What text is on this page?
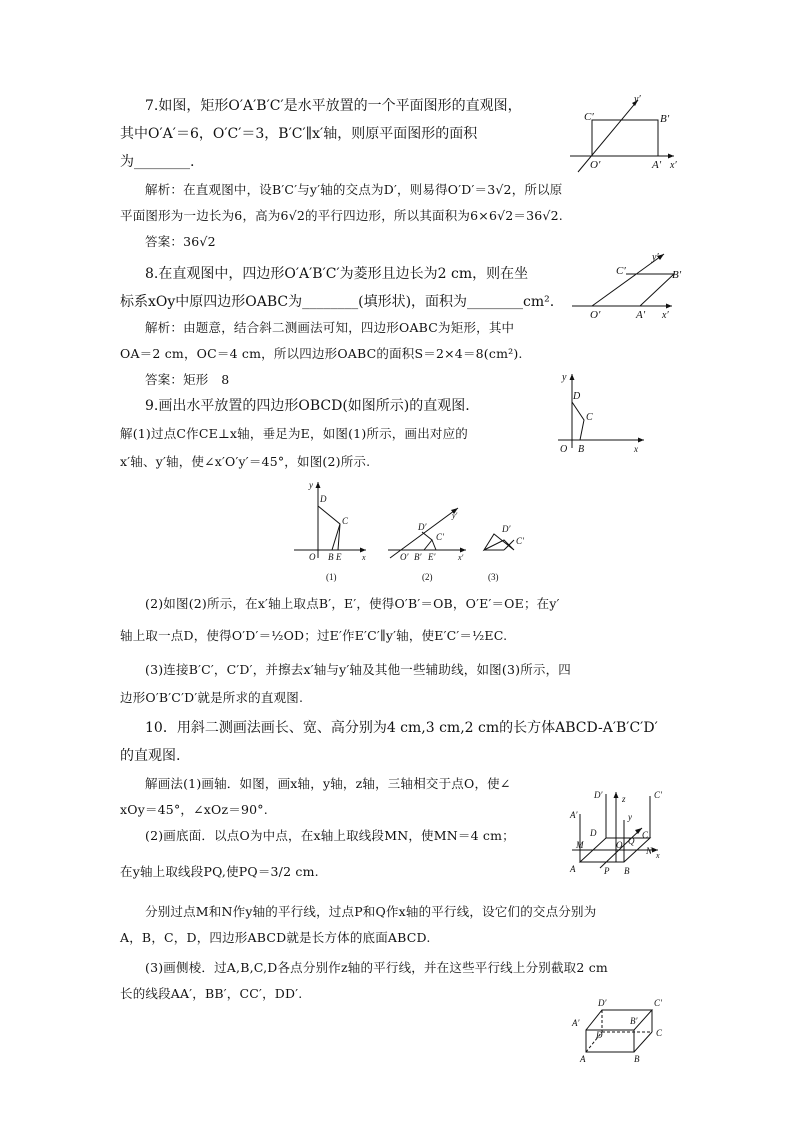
7.如图，矩形O′A′B′C′是水平放置的一个平面图形的直观图，
其中O′A′＝6，O′C′＝3，B′C′∥x′轴，则原平面图形的面积
为________.
解析：在直观图中，设B′C′与y′轴的交点为D′，则易得O′D′＝3√2，所以原
平面图形为一边长为6，高为6√2的平行四边形，所以其面积为6×6√2＝36√2.
答案：36√2
C′	B′
O′	A′ x′
y′
8.在直观图中，四边形O′A′B′C′为菱形且边长为2 cm，则在坐
标系xOy中原四边形OABC为________(填形状)，面积为________cm².
解析：由题意，结合斜二测画法可知，四边形OABC为矩形，其中
OA＝2 cm，OC＝4 cm，所以四边形OABC的面积S＝2×4＝8(cm²).
答案：矩形　8
C′	B′
O′	A′ x′
y′
9.画出水平放置的四边形OBCD(如图所示)的直观图.
解(1)过点C作CE⊥x轴，垂足为E，如图(1)所示，画出对应的
x′轴、y′轴，使∠x′O′y′＝45°，如图(2)所示.
y
D
C
O B	x
y
D
C
O B E	x
(1)
D′
C′
O′ B′ E′	x′
y′
(2)
D′
C′
(3)
(2)如图(2)所示，在x′轴上取点B′，E′，使得O′B′＝OB，O′E′＝OE；在y′
轴上取一点D，使得O′D′＝½OD；过E′作E′C′∥y′轴，使E′C′＝½EC.
(3)连接B′C′，C′D′，并擦去x′轴与y′轴及其他一些辅助线，如图(3)所示，四
边形O′B′C′D′就是所求的直观图.
10．用斜二测画法画长、宽、高分别为4 cm,3 cm,2 cm的长方体ABCD-A′B′C′D′
的直观图.
解画法(1)画轴．如图，画x轴，y轴，z轴，三轴相交于点O，使∠
xOy＝45°，∠xOz＝90°.
(2)画底面．以点O为中点，在x轴上取线段MN，使MN＝4 cm；
在y轴上取线段PQ,使PQ＝3/2 cm.
分别过点M和N作y轴的平行线，过点P和Q作x轴的平行线，设它们的交点分别为
A，B，C，D，四边形ABCD就是长方体的底面ABCD.
(3)画侧棱．过A,B,C,D各点分别作z轴的平行线，并在这些平行线上分别截取2 cm
长的线段AA′，BB′，CC′，DD′.
D′	C′
A′
z
y
D
Q
C
M	O
N x
A	P B
D′	C′
A′	B′
D	C
A	B
